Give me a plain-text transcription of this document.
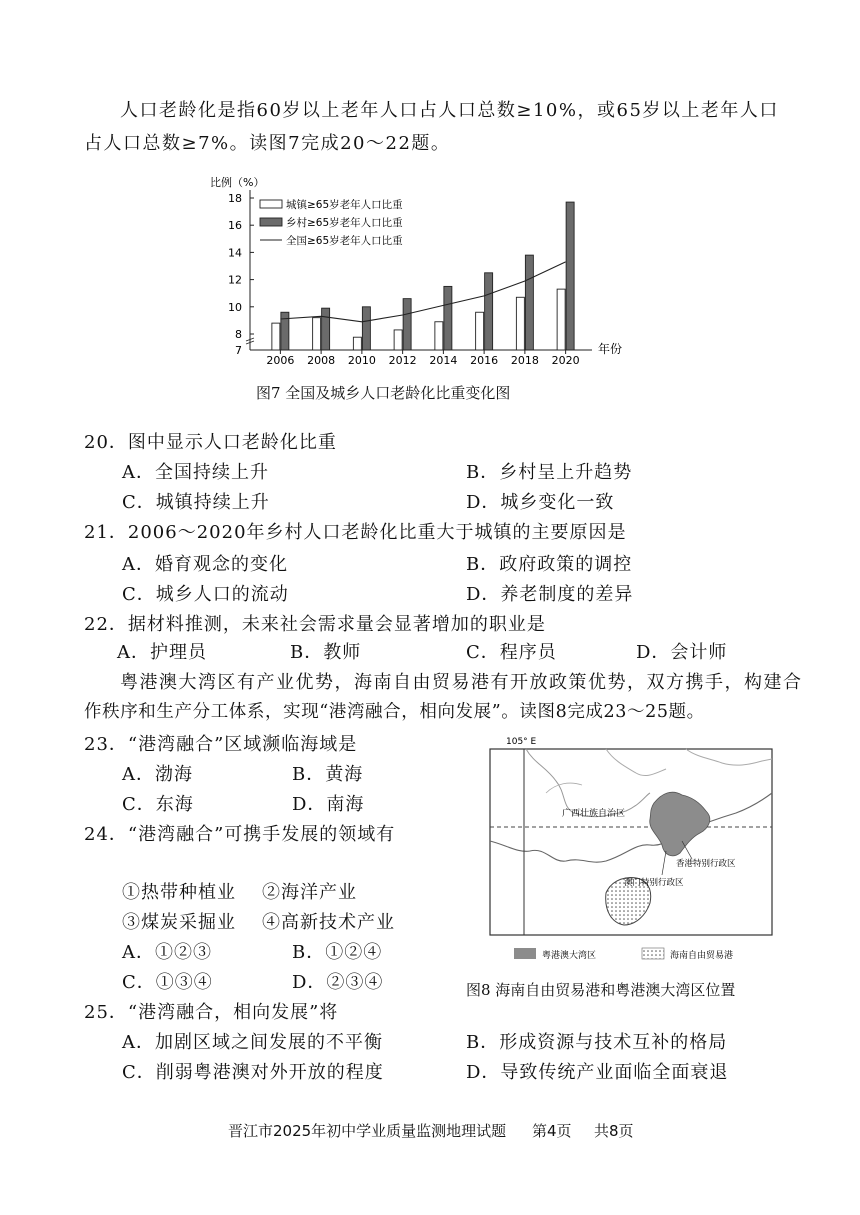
人口老龄化是指60岁以上老年人口占人口总数≥10%，或65岁以上老年人口
占人口总数≥7%。读图7完成20～22题。
比例（%）
年份
18
16
14
12
10
8
7
2006 2008 2010 2012 2014 2016 2018 2020
城镇≥65岁老年人口比重
乡村≥65岁老年人口比重
全国≥65岁老年人口比重
图7 全国及城乡人口老龄化比重变化图
20．图中显示人口老龄化比重
A．全国持续上升	B．乡村呈上升趋势
C．城镇持续上升	D．城乡变化一致
21．2006～2020年乡村人口老龄化比重大于城镇的主要原因是
A．婚育观念的变化	B．政府政策的调控
C．城乡人口的流动	D．养老制度的差异
22．据材料推测，未来社会需求量会显著增加的职业是
A．护理员	B．教师	C．程序员	D．会计师
粤港澳大湾区有产业优势，海南自由贸易港有开放政策优势，双方携手，构建合
作秩序和生产分工体系，实现“港湾融合，相向发展”。读图8完成23～25题。
23．“港湾融合”区域濒临海域是
A．渤海	B．黄海
C．东海	D．南海
24．“港湾融合”可携手发展的领域有
①热带种植业 ②海洋产业
③煤炭采掘业 ④高新技术产业
A．①②③	B．①②④
C．①③④	D．②③④
25．“港湾融合，相向发展”将
A．加剧区域之间发展的不平衡	B．形成资源与技术互补的格局
C．削弱粤港澳对外开放的程度	D．导致传统产业面临全面衰退
105° E
广西壮族自治区
香港特别行政区
澳门特别行政区
粤港澳大湾区	海南自由贸易港
图8 海南自由贸易港和粤港澳大湾区位置
晋江市2025年初中学业质量监测地理试题 第4页 共8页
